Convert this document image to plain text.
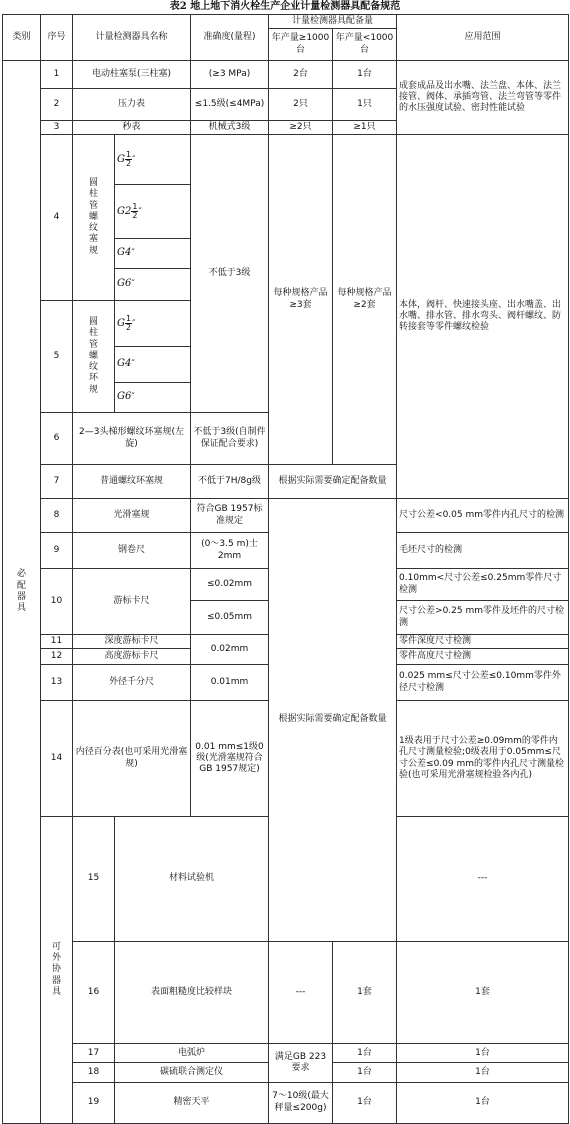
表2 地上地下消火栓生产企业计量检测器具配备规范
类别	序号	计量检测器具名称		准确度(量程)	计量检测器具配备量		应用范围	
					年产量≥1000台	年产量<1000台		

必配器具	1	电动柱塞泵(三柱塞)		(≥3 MPa)	2台	1台	成套成品及出水嘴、法兰盘、本体、法兰接管、阀体、承插弯管、法兰弯管等零件的水压强度试验、密封性能试验	
	2	压力表		≤1.5级(≤4MPa)	2只	1只		
	3	秒表		机械式3级	≥2只	≥1只		
	4	圆柱管螺纹塞规	G $\frac{1}{2}$ ″	不低于3级	每种规格产品≥3套	每种规格产品≥2套	本体，阀杆、快速接头座、出水嘴盖、出水嘴、排水管、排水弯头、阀杆螺纹、防转接套等零件螺纹检验	
			$G2 \frac{1}{2}$ ″					
			G4″					
			G6″					
	5	圆柱管螺纹环规	G $\frac{1}{2}$ ″					
			G4″					
			G6″					
	6	2—3头梯形螺纹环塞规(左旋)		不低于3级(自制件保证配合要求)				
	7	普通螺纹环塞规		不低于7H/8g级	根据实际需要确定配备数量			
	8	光滑塞规		符合GB 1957标准规定	根据实际需要确定配备数量		尺寸公差<0.05 mm零件内孔尺寸的检测	
	9	钢卷尺		(0～3.5 m)士2mm			毛坯尺寸的检测	
	10	游标卡尺		≤0.02mm			0.10mm<尺寸公差≤0.25mm零件尺寸检测	
				≤0.05mm			尺寸公差>0.25 mm零件及坯件的尺寸检测	
	11	深度游标卡尺		0.02mm			零件深度尺寸检测	
	12	高度游标卡尺					零件高度尺寸检测	
	13	外径千分尺		0.01mm			0.025 mm≤尺寸公差≤0.10mm零件外径尺寸检测	
	14	内径百分表(也可采用光滑塞规)		0.01 mm≤1级0级(光滑塞规符合GB 1957规定)			1级表用于尺寸公差≥0.09mm的零件内孔尺寸测量检验;0级表用于0.05mm≤尺寸公差≤0.09 mm的零件内孔尺寸测量检验(也可采用光滑塞规检验各内孔)	

	可外协器具	15	材料试验机				---			
		16	表面粗糙度比较样块		---	1套	1套	
		17	电弧炉		满足GB 223要求	1台	1台	
		18	碳硫联合测定仪			1台	1台	
		19	精密天平		7～10级(最大秤量≤200g)	1台	1台	
